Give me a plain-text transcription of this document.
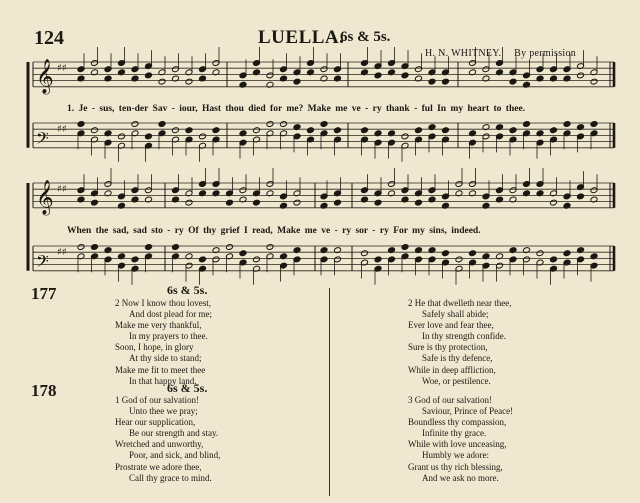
124	LUELLA.
6s & 5s.
H. N. WHITNEY. By permission
𝄞 ♯♯
𝄢 ♯♯
𝄞 ♯♯
𝄢 ♯♯
1. Je - sus, ten-der Sav - iour, Hast thou died for me? Make me ve - ry thank - ful In my heart to thee.
When the sad, sad sto - ry Of thy grief I read, Make me ve - ry sor - ry For my sins, indeed.
177	6s & 5s.
2 Now I know thou lovest,
And dost plead for me;
Make me very thankful,
In my prayers to thee.
Soon, I hope, in glory
At thy side to stand;
Make me fit to meet thee
In that happy land.
2 He that dwelleth near thee,
Safely shall abide;
Ever love and fear thee,
In thy strength confide.
Sure is thy protection,
Safe is thy defence,
While in deep affliction,
Woe, or pestilence.
178	6s & 5s.
1 God of our salvation!
Unto thee we pray;
Hear our supplication,
Be our strength and stay.
Wretched and unworthy,
Poor, and sick, and blind,
Prostrate we adore thee,
Call thy grace to mind.
3 God of our salvation!
Saviour, Prince of Peace!
Boundless thy compassion,
Infinite thy grace.
While with love unceasing,
Humbly we adore:
Grant us thy rich blessing,
And we ask no more.
